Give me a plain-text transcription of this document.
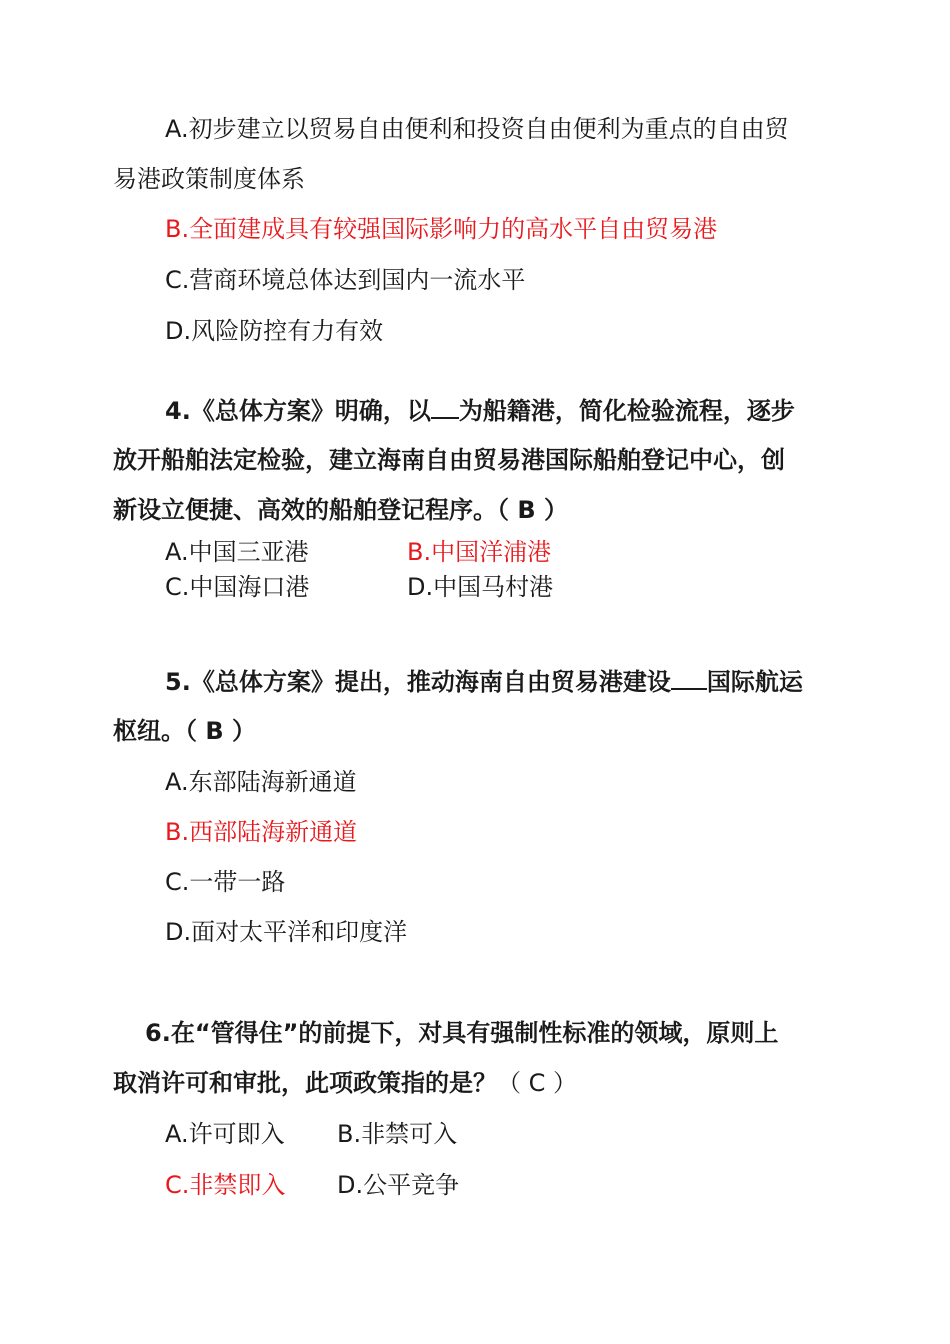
A.初步建立以贸易自由便利和投资自由便利为重点的自由贸
易港政策制度体系
B.全面建成具有较强国际影响力的高水平自由贸易港
C.营商环境总体达到国内一流水平
D.风险防控有力有效
4.《总体方案》明确，以 为船籍港，简化检验流程，逐步
放开船舶法定检验，建立海南自由贸易港国际船舶登记中心，创
新设立便捷、高效的船舶登记程序。（ B ）
A.中国三亚港	B.中国洋浦港
C.中国海口港	D.中国马村港
5.《总体方案》提出，推动海南自由贸易港建设 国际航运
枢纽。（ B ）
A.东部陆海新通道
B.西部陆海新通道
C.一带一路
D.面对太平洋和印度洋
6.在“管得住”的前提下，对具有强制性标准的领域，原则上
取消许可和审批，此项政策指的是？（ C ）
A.许可即入 B.非禁可入
C.非禁即入 D.公平竞争
